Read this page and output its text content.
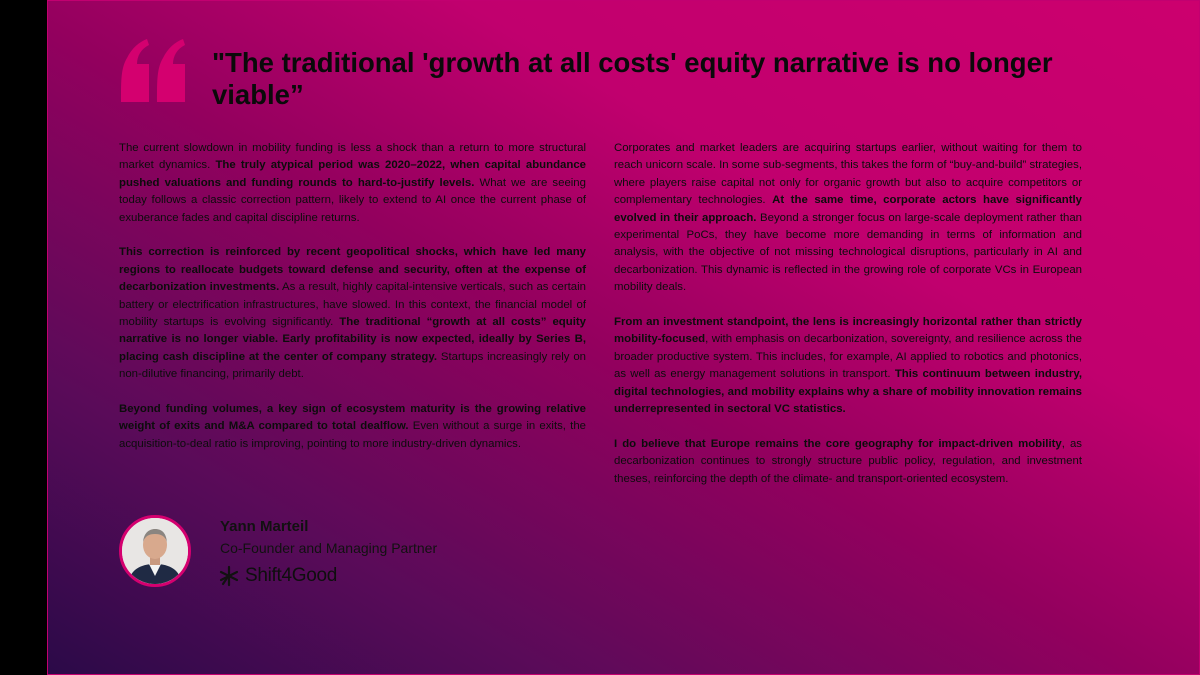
"The traditional 'growth at all costs' equity narrative is no longer viable”

The current slowdown in mobility funding is less a shock than a return to more structural market dynamics. The truly atypical period was 2020–2022, when capital abundance pushed valuations and funding rounds to hard-to-justify levels. What we are seeing today follows a classic correction pattern, likely to extend to AI once the current phase of exuberance fades and capital discipline returns.

This correction is reinforced by recent geopolitical shocks, which have led many regions to reallocate budgets toward defense and security, often at the expense of decarbonization investments. As a result, highly capital-intensive verticals, such as certain battery or electrification infrastructures, have slowed. In this context, the financial model of mobility startups is evolving significantly. The traditional “growth at all costs” equity narrative is no longer viable. Early profitability is now expected, ideally by Series B, placing cash discipline at the center of company strategy. Startups increasingly rely on non-dilutive financing, primarily debt.

Beyond funding volumes, a key sign of ecosystem maturity is the growing relative weight of exits and M&A compared to total dealflow. Even without a surge in exits, the acquisition-to-deal ratio is improving, pointing to more industry-driven dynamics.

Corporates and market leaders are acquiring startups earlier, without waiting for them to reach unicorn scale. In some sub-segments, this takes the form of “buy-and-build” strategies, where players raise capital not only for organic growth but also to acquire competitors or complementary technologies. At the same time, corporate actors have significantly evolved in their approach. Beyond a stronger focus on large-scale deployment rather than experimental PoCs, they have become more demanding in terms of information and analysis, with the objective of not missing technological disruptions, particularly in AI and decarbonization. This dynamic is reflected in the growing role of corporate VCs in European mobility deals.

From an investment standpoint, the lens is increasingly horizontal rather than strictly mobility-focused, with emphasis on decarbonization, sovereignty, and resilience across the broader productive system. This includes, for example, AI applied to robotics and photonics, as well as energy management solutions in transport. This continuum between industry, digital technologies, and mobility explains why a share of mobility innovation remains underrepresented in sectoral VC statistics.

I do believe that Europe remains the core geography for impact-driven mobility, as decarbonization continues to strongly structure public policy, regulation, and investment theses, reinforcing the depth of the climate- and transport-oriented ecosystem.

Yann Marteil
Co-Founder and Managing Partner
Shift4Good
